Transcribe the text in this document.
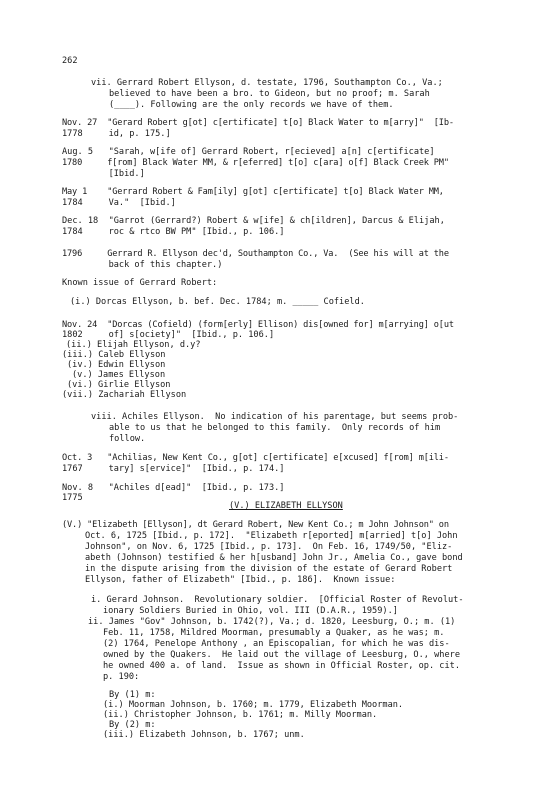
262
vii. Gerrard Robert Ellyson, d. testate, 1796, Southampton Co., Va.;
believed to have been a bro. to Gideon, but no proof; m. Sarah
(____). Following are the only records we have of them.
Nov. 27  "Gerard Robert g[ot] c[ertificate] t[o] Black Water to m[arry]"  [Ib-
1778     id, p. 175.]
Aug. 5   "Sarah, w[ife of] Gerrard Robert, r[ecieved] a[n] c[ertificate]
1780     f[rom] Black Water MM, & r[eferred] t[o] c[ara] o[f] Black Creek PM"
[Ibid.]
May 1    "Gerrard Robert & Fam[ily] g[ot] c[ertificate] t[o] Black Water MM,
1784     Va."  [Ibid.]
Dec. 18  "Garrot (Gerrard?) Robert & w[ife] & ch[ildren], Darcus & Elijah,
1784     roc & rtco BW PM" [Ibid., p. 106.]
1796     Gerrard R. Ellyson dec'd, Southampton Co., Va.  (See his will at the
back of this chapter.)
Known issue of Gerrard Robert:
(i.) Dorcas Ellyson, b. bef. Dec. 1784; m. _____ Cofield.
Nov. 24  "Dorcas (Cofield) (form[erly] Ellison) dis[owned for] m[arrying] o[ut
1802     of] s[ociety]"  [Ibid., p. 106.]
(ii.) Elijah Ellyson, d.y?
(iii.) Caleb Ellyson
(iv.) Edwin Ellyson
(v.) James Ellyson
(vi.) Girlie Ellyson
(vii.) Zachariah Ellyson
viii. Achiles Ellyson.  No indication of his parentage, but seems prob-
able to us that he belonged to this family.  Only records of him
follow.
Oct. 3   "Achilias, New Kent Co., g[ot] c[ertificate] e[xcused] f[rom] m[ili-
1767     tary] s[ervice]"  [Ibid., p. 174.]
Nov. 8   "Achiles d[ead]"  [Ibid., p. 173.]
1775
(V.) "Elizabeth [Ellyson], dt Gerard Robert, New Kent Co.; m John Johnson" on
Oct. 6, 1725 [Ibid., p. 172].  "Elizabeth r[eported] m[arried] t[o] John
Johnson", on Nov. 6, 1725 [Ibid., p. 173].  On Feb. 16, 1749/50, "Eliz-
abeth (Johnson) testified & her h[usband] John Jr., Amelia Co., gave bond
in the dispute arising from the division of the estate of Gerard Robert
Ellyson, father of Elizabeth" [Ibid., p. 186].  Known issue:
i. Gerard Johnson.  Revolutionary soldier.  [Official Roster of Revolut-
ionary Soldiers Buried in Ohio, vol. III (D.A.R., 1959).]
ii. James "Gov" Johnson, b. 1742(?), Va.; d. 1820, Leesburg, O.; m. (1)
Feb. 11, 1758, Mildred Moorman, presumably a Quaker, as he was; m.
(2) 1764, Penelope Anthony , an Episcopalian, for which he was dis-
owned by the Quakers.  He laid out the village of Leesburg, O., where
he owned 400 a. of land.  Issue as shown in Official Roster, op. cit.
p. 190:
By (1) m:
(i.) Moorman Johnson, b. 1760; m. 1779, Elizabeth Moorman.
(ii.) Christopher Johnson, b. 1761; m. Milly Moorman.
By (2) m:
(iii.) Elizabeth Johnson, b. 1767; unm.
(V.) ELIZABETH ELLYSON
